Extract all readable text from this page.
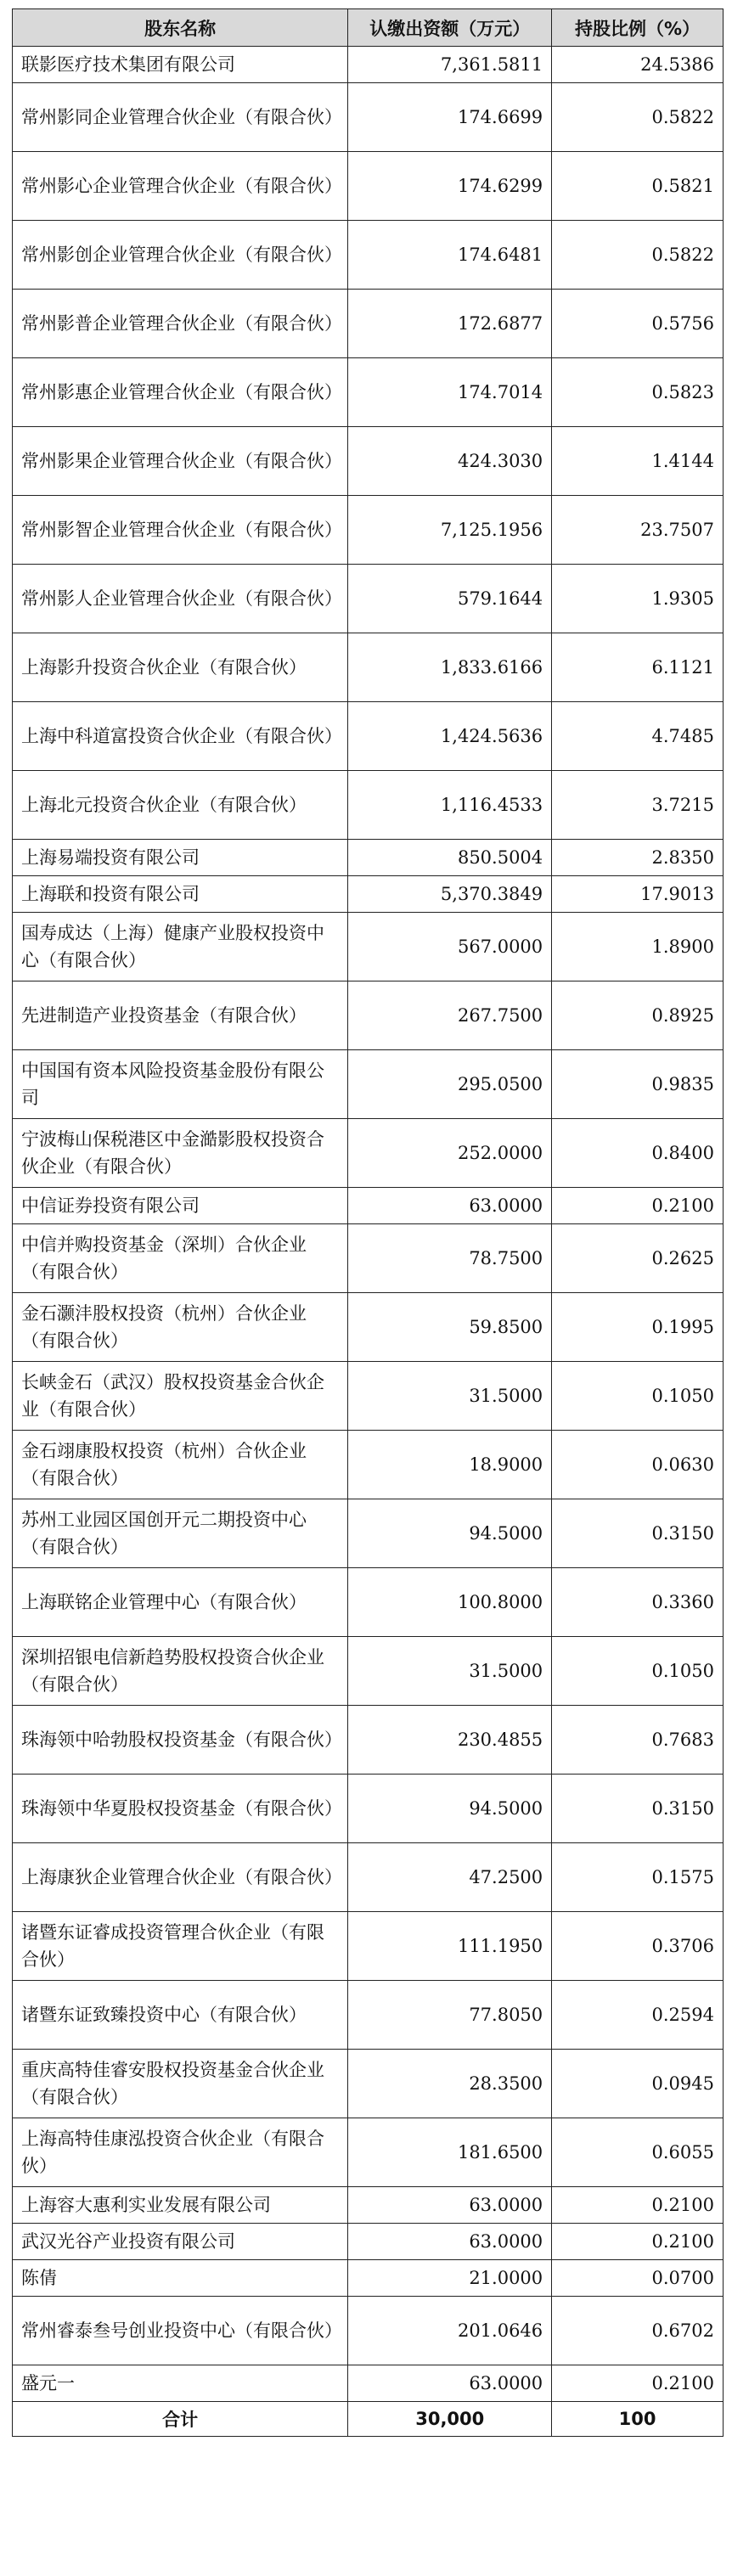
股东名称	认缴出资额（万元）	持股比例（%）
联影医疗技术集团有限公司	7,361.5811	24.5386
常州影同企业管理合伙企业（有限合伙）	174.6699	0.5822
常州影心企业管理合伙企业（有限合伙）	174.6299	0.5821
常州影创企业管理合伙企业（有限合伙）	174.6481	0.5822
常州影普企业管理合伙企业（有限合伙）	172.6877	0.5756
常州影惠企业管理合伙企业（有限合伙）	174.7014	0.5823
常州影果企业管理合伙企业（有限合伙）	424.3030	1.4144
常州影智企业管理合伙企业（有限合伙）	7,125.1956	23.7507
常州影人企业管理合伙企业（有限合伙）	579.1644	1.9305
上海影升投资合伙企业（有限合伙）	1,833.6166	6.1121
上海中科道富投资合伙企业（有限合伙）	1,424.5636	4.7485
上海北元投资合伙企业（有限合伙）	1,116.4533	3.7215
上海易端投资有限公司	850.5004	2.8350
上海联和投资有限公司	5,370.3849	17.9013
国寿成达（上海）健康产业股权投资中心（有限合伙）	567.0000	1.8900
先进制造产业投资基金（有限合伙）	267.7500	0.8925
中国国有资本风险投资基金股份有限公司	295.0500	0.9835
宁波梅山保税港区中金澔影股权投资合伙企业（有限合伙）	252.0000	0.8400
中信证券投资有限公司	63.0000	0.2100
中信并购投资基金（深圳）合伙企业（有限合伙）	78.7500	0.2625
金石灏沣股权投资（杭州）合伙企业（有限合伙）	59.8500	0.1995
长峡金石（武汉）股权投资基金合伙企业（有限合伙）	31.5000	0.1050
金石翊康股权投资（杭州）合伙企业（有限合伙）	18.9000	0.0630
苏州工业园区国创开元二期投资中心（有限合伙）	94.5000	0.3150
上海联铭企业管理中心（有限合伙）	100.8000	0.3360
深圳招银电信新趋势股权投资合伙企业（有限合伙）	31.5000	0.1050
珠海领中哈勃股权投资基金（有限合伙）	230.4855	0.7683
珠海领中华夏股权投资基金（有限合伙）	94.5000	0.3150
上海康狄企业管理合伙企业（有限合伙）	47.2500	0.1575
诸暨东证睿成投资管理合伙企业（有限合伙）	111.1950	0.3706
诸暨东证致臻投资中心（有限合伙）	77.8050	0.2594
重庆高特佳睿安股权投资基金合伙企业（有限合伙）	28.3500	0.0945
上海高特佳康泓投资合伙企业（有限合伙）	181.6500	0.6055
上海容大惠利实业发展有限公司	63.0000	0.2100
武汉光谷产业投资有限公司	63.0000	0.2100
陈倩	21.0000	0.0700
常州睿泰叁号创业投资中心（有限合伙）	201.0646	0.6702
盛元一	63.0000	0.2100
合计	30,000	100
